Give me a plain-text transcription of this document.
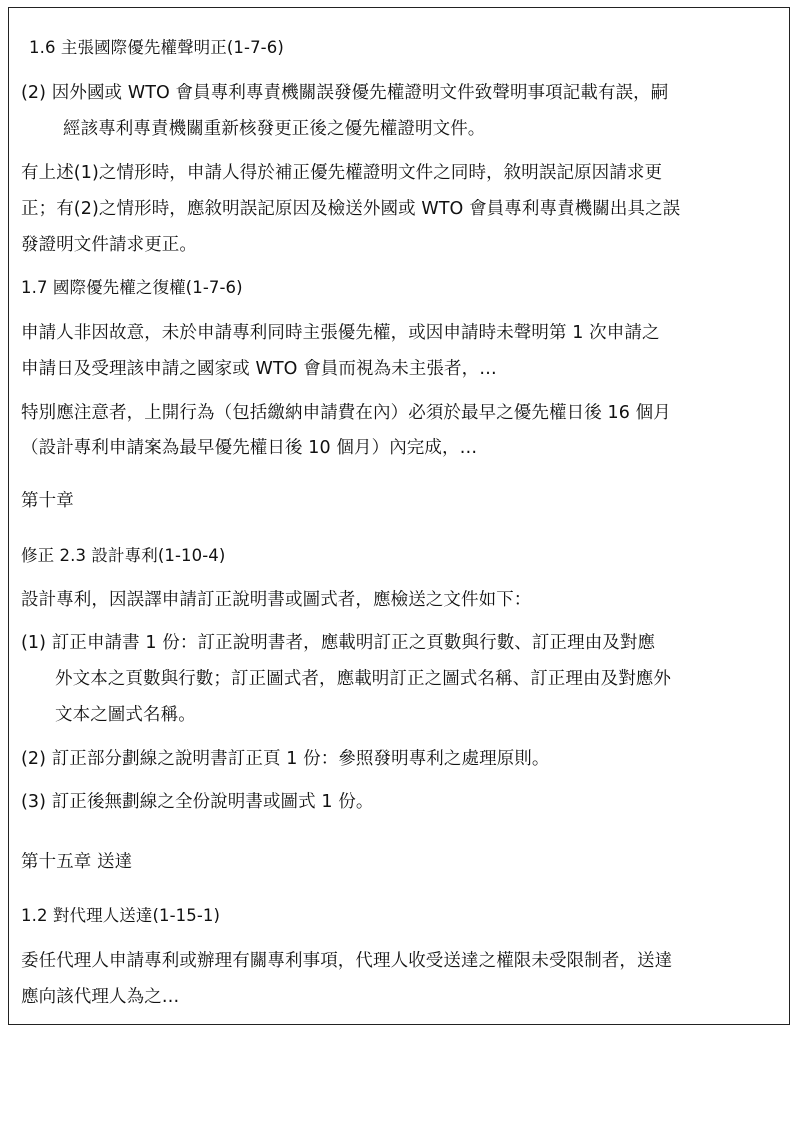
1.6 主張國際優先權聲明正(1-7-6)
(2) 因外國或 WTO 會員專利專責機關誤發優先權證明文件致聲明事項記載有誤，嗣
經該專利專責機關重新核發更正後之優先權證明文件。
有上述(1)之情形時，申請人得於補正優先權證明文件之同時，敘明誤記原因請求更
正；有(2)之情形時，應敘明誤記原因及檢送外國或 WTO 會員專利專責機關出具之誤
發證明文件請求更正。
1.7 國際優先權之復權(1-7-6)
申請人非因故意，未於申請專利同時主張優先權，或因申請時未聲明第 1 次申請之
申請日及受理該申請之國家或 WTO 會員而視為未主張者，…
特別應注意者，上開行為（包括繳納申請費在內）必須於最早之優先權日後 16 個月
（設計專利申請案為最早優先權日後 10 個月）內完成，…
第十章
修正 2.3 設計專利(1-10-4)
設計專利，因誤譯申請訂正說明書或圖式者，應檢送之文件如下：
(1) 訂正申請書 1 份：訂正說明書者，應載明訂正之頁數與行數、訂正理由及對應
外文本之頁數與行數；訂正圖式者，應載明訂正之圖式名稱、訂正理由及對應外
文本之圖式名稱。
(2) 訂正部分劃線之說明書訂正頁 1 份：參照發明專利之處理原則。
(3) 訂正後無劃線之全份說明書或圖式 1 份。
第十五章 送達
1.2 對代理人送達(1-15-1)
委任代理人申請專利或辦理有關專利事項，代理人收受送達之權限未受限制者，送達
應向該代理人為之…
